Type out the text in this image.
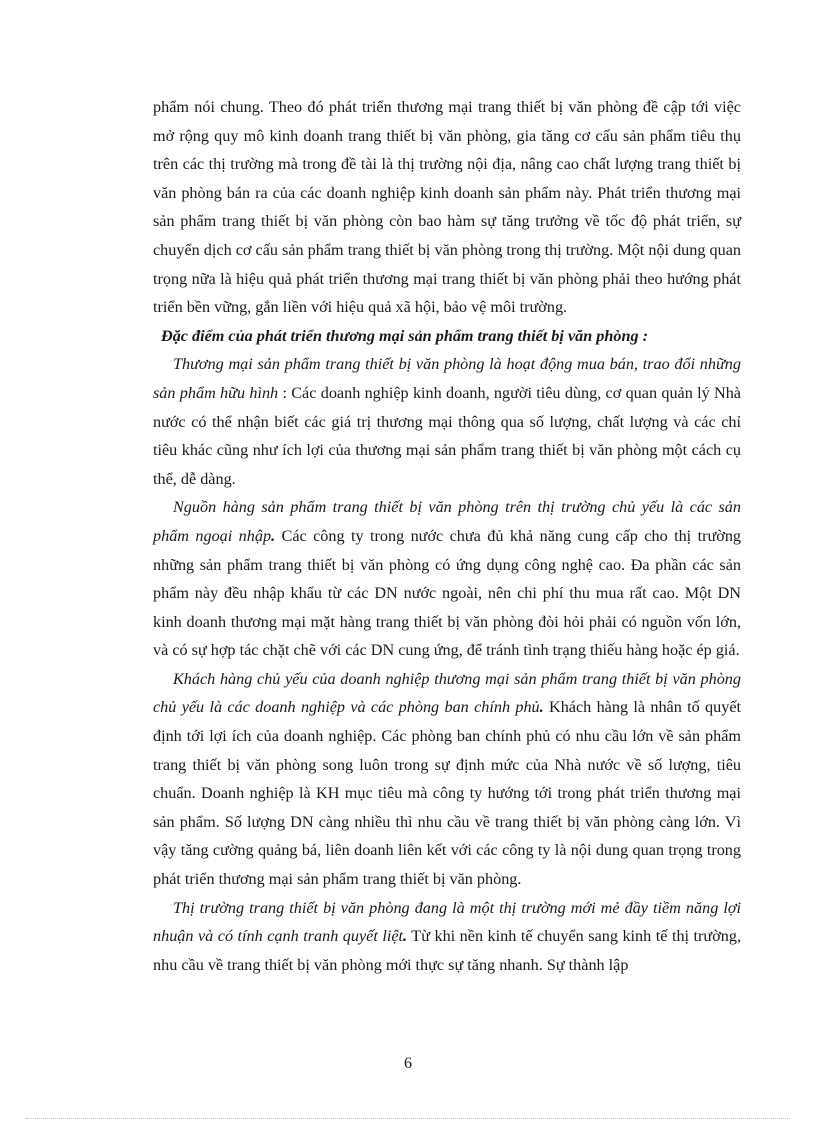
phẩm nói chung. Theo đó phát triển thương mại trang thiết bị văn phòng đề cập tới việc mở rộng quy mô kinh doanh trang thiết bị văn phòng, gia tăng cơ cấu sản phẩm tiêu thụ trên các thị trường mà trong đề tài là thị trường nội địa, nâng cao chất lượng trang thiết bị văn phòng bán ra của các doanh nghiệp kinh doanh sản phẩm này. Phát triển thương mại sản phẩm trang thiết bị văn phòng còn bao hàm sự tăng trưởng về tốc độ phát triển, sự chuyển dịch cơ cấu sản phẩm trang thiết bị văn phòng trong thị trường. Một nội dung quan trọng nữa là hiệu quả phát triển thương mại trang thiết bị văn phòng phải theo hướng phát triển bền vững, gắn liền với hiệu quả xã hội, bảo vệ môi trường.

Đặc điểm của phát triển thương mại sản phẩm trang thiết bị văn phòng :

Thương mại sản phẩm trang thiết bị văn phòng là hoạt động mua bán, trao đổi những sản phẩm hữu hình : Các doanh nghiệp kinh doanh, người tiêu dùng, cơ quan quản lý Nhà nước có thể nhận biết các giá trị thương mại thông qua số lượng, chất lượng và các chỉ tiêu khác cũng như ích lợi của thương mại sản phẩm trang thiết bị văn phòng một cách cụ thể, dễ dàng.

Nguồn hàng sản phẩm trang thiết bị văn phòng trên thị trường chủ yếu là các sản phẩm ngoại nhập. Các công ty trong nước chưa đủ khả năng cung cấp cho thị trường những sản phẩm trang thiết bị văn phòng có ứng dụng công nghệ cao. Đa phần các sản phẩm này đều nhập khẩu từ các DN nước ngoài, nên chi phí thu mua rất cao. Một DN kinh doanh thương mại mặt hàng trang thiết bị văn phòng đòi hỏi phải có nguồn vốn lớn, và có sự hợp tác chặt chẽ với các DN cung ứng, để tránh tình trạng thiếu hàng hoặc ép giá.

Khách hàng chủ yếu của doanh nghiệp thương mại sản phẩm trang thiết bị văn phòng chủ yếu là các doanh nghiệp và các phòng ban chính phủ. Khách hàng là nhân tố quyết định tới lợi ích của doanh nghiệp. Các phòng ban chính phủ có nhu cầu lớn về sản phẩm trang thiết bị văn phòng song luôn trong sự định mức của Nhà nước về số lượng, tiêu chuẩn. Doanh nghiệp là KH mục tiêu mà công ty hướng tới trong phát triển thương mại sản phẩm. Số lượng DN càng nhiều thì nhu cầu về trang thiết bị văn phòng càng lớn. Vì vậy tăng cường quảng bá, liên doanh liên kết với các công ty là nội dung quan trọng trong phát triển thương mại sản phẩm trang thiết bị văn phòng.

Thị trường trang thiết bị văn phòng đang là một thị trường mới mẻ đầy tiềm năng lợi nhuận và có tính cạnh tranh quyết liệt. Từ khi nền kinh tế chuyển sang kinh tế thị trường, nhu cầu về trang thiết bị văn phòng mới thực sự tăng nhanh. Sự thành lập

6
